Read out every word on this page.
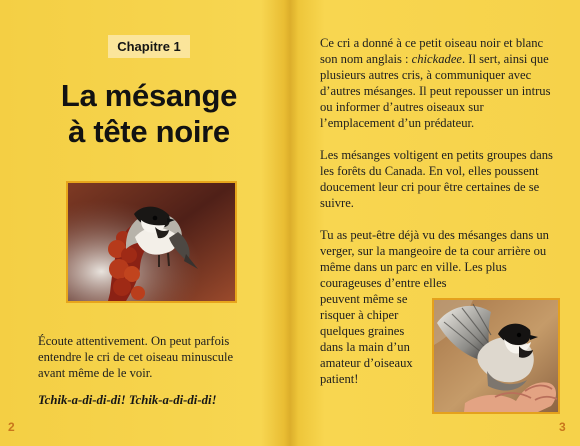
Chapitre 1
La mésange
à tête noire

Écoute attentivement. On peut parfois entendre le cri de cet oiseau minuscule avant même de le voir.

Tchik-a-di-di-di! Tchik-a-di-di-di!

2

Ce cri a donné à ce petit oiseau noir et blanc son nom anglais : chickadee. Il sert, ainsi que plusieurs autres cris, à communiquer avec d’autres mésanges. Il peut repousser un intrus ou informer d’autres oiseaux sur l’emplacement d’un prédateur.

Les mésanges voltigent en petits groupes dans les forêts du Canada. En vol, elles poussent doucement leur cri pour être certaines de se suivre.

Tu as peut-être déjà vu des mésanges dans un verger, sur la mangeoire de ta cour arrière ou même dans un parc en ville. Les plus courageuses d’entre elles

peuvent même se risquer à chiper quelques graines dans la main d’un amateur d’oiseaux patient!

3
